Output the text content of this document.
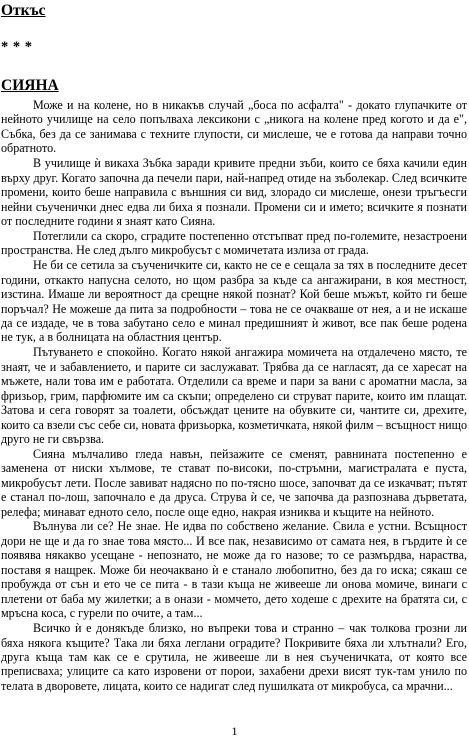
Откъс
* * *
СИЯНА

Може и на колене, но в никакъв случай „боса по асфалта" - докато глупачките от нейното училище на село попълваха лексикони с „никога на колене пред когото и да е", Събка, без да се занимава с техните глупости, си мислеше, че е готова да направи точно обратното.

В училище ѝ викаха Зъбка заради кривите предни зъби, които се бяха качили един върху друг. Когато започна да печели пари, най-напред отиде на зъболекар. След всичките промени, които беше направила с външния си вид, злорадо си мислеше, онези тръгъесги нейни съученички днес едва ли биха я познали. Промени си и името; всичките я познати от последните години я знаят като Сияна.

Потеглили са скоро, сградите постепенно отстъпват пред по-големите, незастроени пространства. Не след дълго микробусът с момичетата излиза от града.

Не би се сетила за съученичките си, както не се е сещала за тях в последните десет години, откакто напусна селото, но щом разбра за къде са ангажирани, в коя местност, изстина. Имаше ли вероятност да срещне някой познат? Кой беше мъжът, който ги беше поръчал? Не можеше да пита за подробности – това не се очакваше от нея, а и не искаше да се издаде, че в това забутано село е минал предишният ѝ живот, все пак беше родена не тук, а в болницата на областния център.

Пътуването е спокойно. Когато някой ангажира момичета на отдалечено място, те знаят, че и забавлението, и парите си заслужават. Трябва да се нагласят, да се харесат на мъжете, нали това им е работата. Отделили са време и пари за вани с ароматни масла, за фризьор, грим, парфюмите им са скъпи; определено си струват парите, които им плащат. Затова и сега говорят за тоалети, обсъждат цените на обувките си, чантите си, дрехите, които са взели със себе си, новата фризьорка, козметичката, някой филм – всъщност нищо друго не ги свързва.

Сияна мълчаливо гледа навън, пейзажите се сменят, равнината постепенно е заменена от ниски хълмове, те стават по-високи, по-стръмни, магистралата е пуста, микробусът лети. После завиват надясно по по-тясно шосе, започват да се изкачват; пътят е станал по-лош, започнало е да друса. Струва ѝ се, че започва да разпознава дърветата, релефа; минават едното село, после още едно, накрая изниква и къщите на нейното.

Вълнува ли се? Не знае. Не идва по собствено желание. Свила е устни. Всъщност дори не ще и да го знае това място... И все пак, независимо от самата нея, в гърдите ѝ се появява някакво усещане - непознато, не може да го назове; то се размърдва, нараства, поставя я нащрек. Може би неочаквано ѝ е станало любопитно, без да го иска; сякаш се пробужда от сън и ето че се пита - в тази къща не живееше ли онова момиче, винаги с плетени от баба му жилетки; а в онази - момчето, дето ходеше с дрехите на братята си, с мръсна коса, с гурели по очите, а там...

Всичко ѝ е донякъде близко, но въпреки това и странно – чак толкова грозни ли бяха някога къщите? Така ли бяха леглани оградите? Покривите бяха ли хлътнали? Его, друга къща там как се е срутила, не живееше ли в нея съученичката, от която все преписваха; улиците са като изровени от порои, захабени дрехи висят тук-там унило по телата в дворовете, лицата, които се надигат след пушилката от микробуса, са мрачни...

1
